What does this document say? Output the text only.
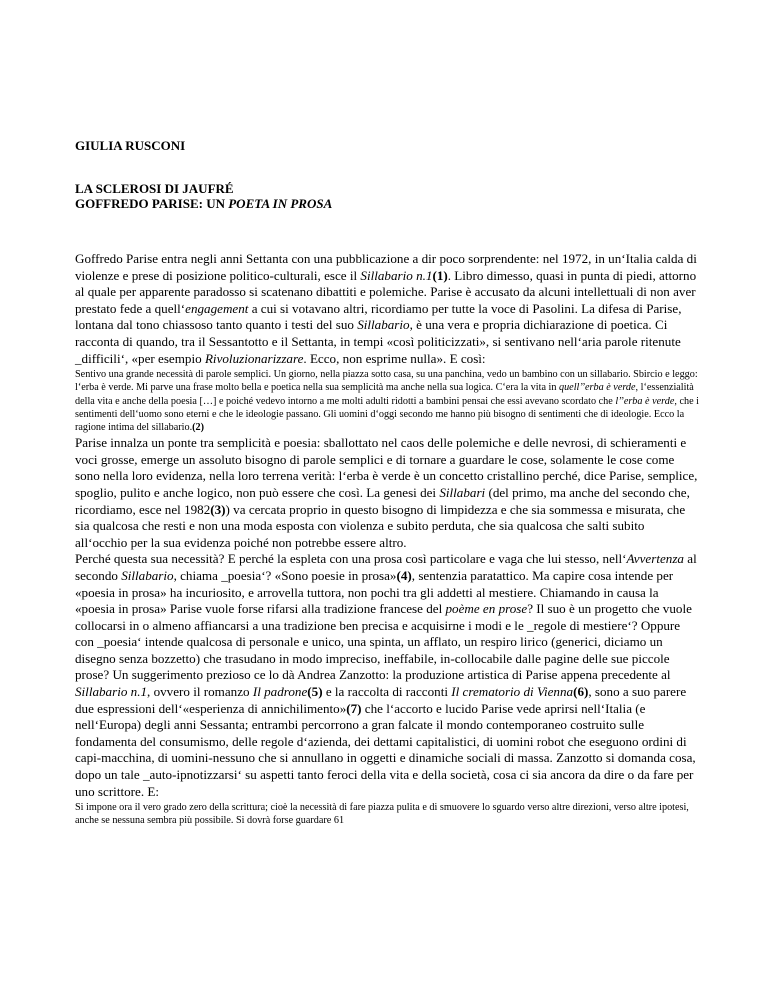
GIULIA RUSCONI

LA SCLEROSI DI JAUFRÉ
GOFFREDO PARISE: UN POETA IN PROSA

Goffredo Parise entra negli anni Settanta con una pubblicazione a dir poco sorprendente: nel 1972, in un‘Italia calda di violenze e prese di posizione politico-culturali, esce il Sillabario n.1(1). Libro dimesso, quasi in punta di piedi, attorno al quale per apparente paradosso si scatenano dibattiti e polemiche. Parise è accusato da alcuni intellettuali di non aver prestato fede a quell‘engagement a cui si votavano altri, ricordiamo per tutte la voce di Pasolini. La difesa di Parise, lontana dal tono chiassoso tanto quanto i testi del suo Sillabario, è una vera e propria dichiarazione di poetica. Ci racconta di quando, tra il Sessantotto e il Settanta, in tempi «così politicizzati», si sentivano nell‘aria parole ritenute _difficili‘, «per esempio Rivoluzionarizzare. Ecco, non esprime nulla». E così:

Sentivo una grande necessità di parole semplici. Un giorno, nella piazza sotto casa, su una panchina, vedo un bambino con un sillabario. Sbircio e leggo: l‘erba è verde. Mi parve una frase molto bella e poetica nella sua semplicità ma anche nella sua logica. C‘era la vita in quell’’erba è verde, l‘essenzialità della vita e anche della poesia […] e poiché vedevo intorno a me molti adulti ridotti a bambini pensai che essi avevano scordato che l’’erba è verde, che i sentimenti dell‘uomo sono eterni e che le ideologie passano. Gli uomini d‘oggi secondo me hanno più bisogno di sentimenti che di ideologie. Ecco la ragione intima del sillabario.(2)

Parise innalza un ponte tra semplicità e poesia: sballottato nel caos delle polemiche e delle nevrosi, di schieramenti e voci grosse, emerge un assoluto bisogno di parole semplici e di tornare a guardare le cose, solamente le cose come sono nella loro evidenza, nella loro terrena verità: l‘erba è verde è un concetto cristallino perché, dice Parise, semplice, spoglio, pulito e anche logico, non può essere che così. La genesi dei Sillabari (del primo, ma anche del secondo che, ricordiamo, esce nel 1982(3)) va cercata proprio in questo bisogno di limpidezza e che sia sommessa e misurata, che sia qualcosa che resti e non una moda esposta con violenza e subito perduta, che sia qualcosa che salti subito all‘occhio per la sua evidenza poiché non potrebbe essere altro.

Perché questa sua necessità? E perché la espleta con una prosa così particolare e vaga che lui stesso, nell‘Avvertenza al secondo Sillabario, chiama _poesia‘? «Sono poesie in prosa»(4), sentenzia paratattico. Ma capire cosa intende per «poesia in prosa» ha incuriosito, e arrovella tuttora, non pochi tra gli addetti al mestiere. Chiamando in causa la «poesia in prosa» Parise vuole forse rifarsi alla tradizione francese del poème en prose? Il suo è un progetto che vuole collocarsi in o almeno affiancarsi a una tradizione ben precisa e acquisirne i modi e le _regole di mestiere‘? Oppure con _poesia‘ intende qualcosa di personale e unico, una spinta, un afflato, un respiro lirico (generici, diciamo un disegno senza bozzetto) che trasudano in modo impreciso, ineffabile, in-collocabile dalle pagine delle sue piccole prose? Un suggerimento prezioso ce lo dà Andrea Zanzotto: la produzione artistica di Parise appena precedente al Sillabario n.1, ovvero il romanzo Il padrone(5) e la raccolta di racconti Il crematorio di Vienna(6), sono a suo parere due espressioni dell‘«esperienza di annichilimento»(7) che l‘accorto e lucido Parise vede aprirsi nell‘Italia (e nell‘Europa) degli anni Sessanta; entrambi percorrono a gran falcate il mondo contemporaneo costruito sulle fondamenta del consumismo, delle regole d‘azienda, dei dettami capitalistici, di uomini robot che eseguono ordini di capi-macchina, di uomini-nessuno che si annullano in oggetti e dinamiche sociali di massa. Zanzotto si domanda cosa, dopo un tale _auto-ipnotizzarsi‘ su aspetti tanto feroci della vita e della società, cosa ci sia ancora da dire o da fare per uno scrittore. E:

Si impone ora il vero grado zero della scrittura; cioè la necessità di fare piazza pulita e di smuovere lo sguardo verso altre direzioni, verso altre ipotesi, anche se nessuna sembra più possibile. Si dovrà forse guardare 61
